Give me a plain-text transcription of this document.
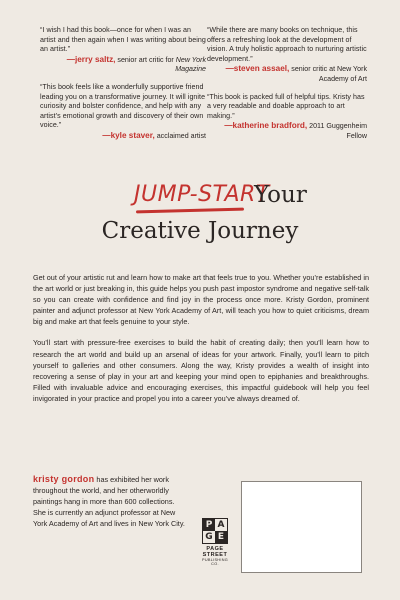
“I wish I had this book—once for when I was an artist and then again when I was writing about being an artist.”

— jerry saltz, senior art critic for New York Magazine

“This book feels like a wonderfully supportive friend leading you on a transformative journey. It will ignite curiosity and bolster confidence, and help with any artist’s emotional growth and discovery of their own voice.”

— kyle staver, acclaimed artist

“While there are many books on technique, this offers a refreshing look at the development of vision. A truly holistic approach to nurturing artistic development.”

— steven assael, senior critic at New York Academy of Art

“This book is packed full of helpful tips. Kristy has a very readable and doable approach to art making.”

— katherine bradford, 2011 Guggenheim Fellow
JUMP-START
Your
Creative Journey

Get out of your artistic rut and learn how to make art that feels true to you. Whether you’re established in the art world or just breaking in, this guide helps you push past impostor syndrome and negative self-talk so you can create with confidence and find joy in the process once more. Kristy Gordon, prominent painter and adjunct professor at New York Academy of Art, will teach you how to quiet criticisms, dream big and make art that feels genuine to your style.

You’ll start with pressure-free exercises to build the habit of creating daily; then you’ll learn how to research the art world and build up an arsenal of ideas for your artwork. Finally, you’ll learn to pitch yourself to galleries and other consumers. Along the way, Kristy provides a wealth of insight into recovering a sense of play in your art and keeping your mind open to epiphanies and breakthroughs. Filled with invaluable advice and encouraging exercises, this impactful guidebook will help you feel invigorated in your practice and propel you into a career you’ve always dreamed of.

kristy gordon has exhibited her work throughout the world, and her otherworldly paintings hang in more than 600 collections. She is currently an adjunct professor at New York Academy of Art and lives in New York City. P A
G E
PAGE STREET
PUBLISHING CO.
